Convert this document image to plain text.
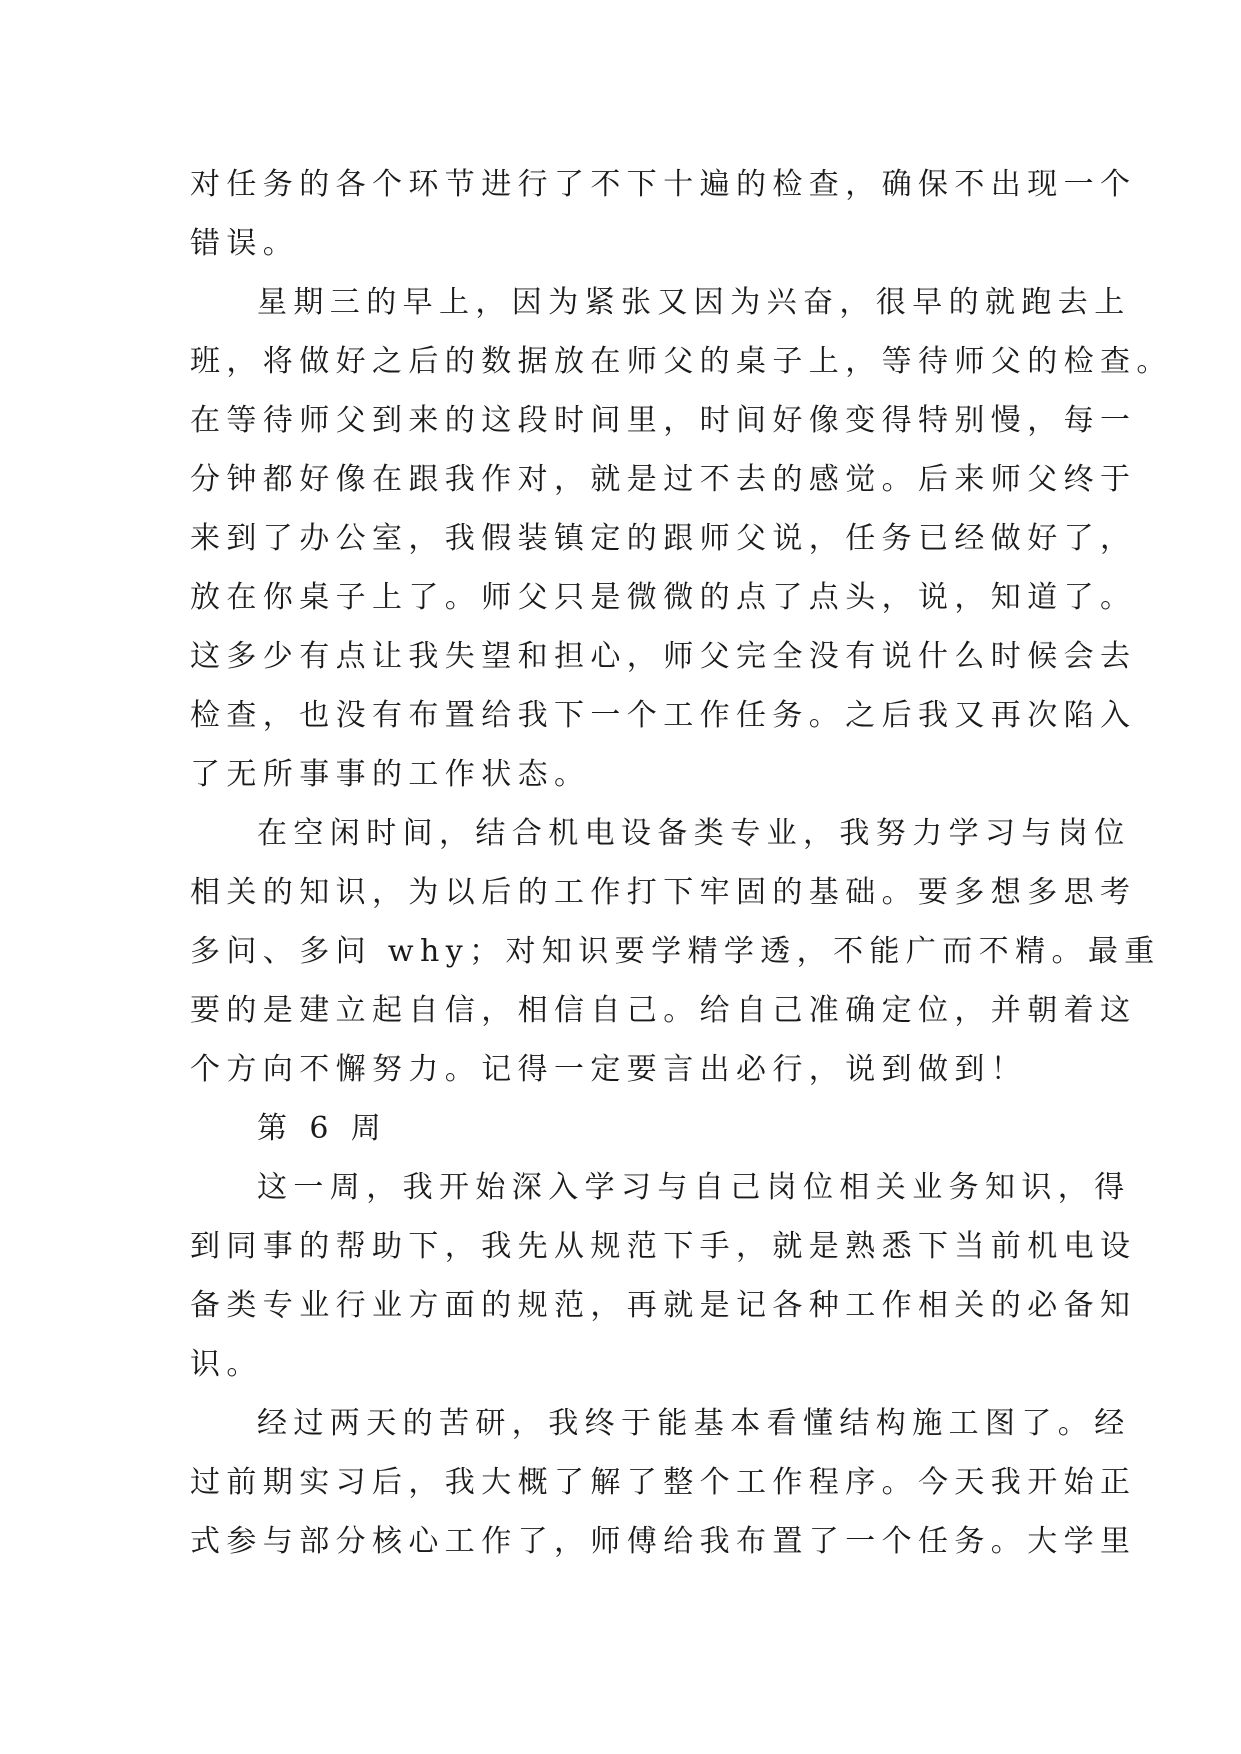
对任务的各个环节进行了不下十遍的检查，确保不出现一个
错误。
星期三的早上，因为紧张又因为兴奋，很早的就跑去上
班，将做好之后的数据放在师父的桌子上，等待师父的检查。
在等待师父到来的这段时间里，时间好像变得特别慢，每一
分钟都好像在跟我作对，就是过不去的感觉。后来师父终于
来到了办公室，我假装镇定的跟师父说，任务已经做好了，
放在你桌子上了。师父只是微微的点了点头，说，知道了。
这多少有点让我失望和担心，师父完全没有说什么时候会去
检查，也没有布置给我下一个工作任务。之后我又再次陷入
了无所事事的工作状态。
在空闲时间，结合机电设备类专业，我努力学习与岗位
相关的知识，为以后的工作打下牢固的基础。要多想多思考
多问、多问 why；对知识要学精学透，不能广而不精。最重
要的是建立起自信，相信自己。给自己准确定位，并朝着这
个方向不懈努力。记得一定要言出必行，说到做到！
第 6 周
这一周，我开始深入学习与自己岗位相关业务知识，得
到同事的帮助下，我先从规范下手，就是熟悉下当前机电设
备类专业行业方面的规范，再就是记各种工作相关的必备知
识。
经过两天的苦研，我终于能基本看懂结构施工图了。经
过前期实习后，我大概了解了整个工作程序。今天我开始正
式参与部分核心工作了，师傅给我布置了一个任务。大学里
